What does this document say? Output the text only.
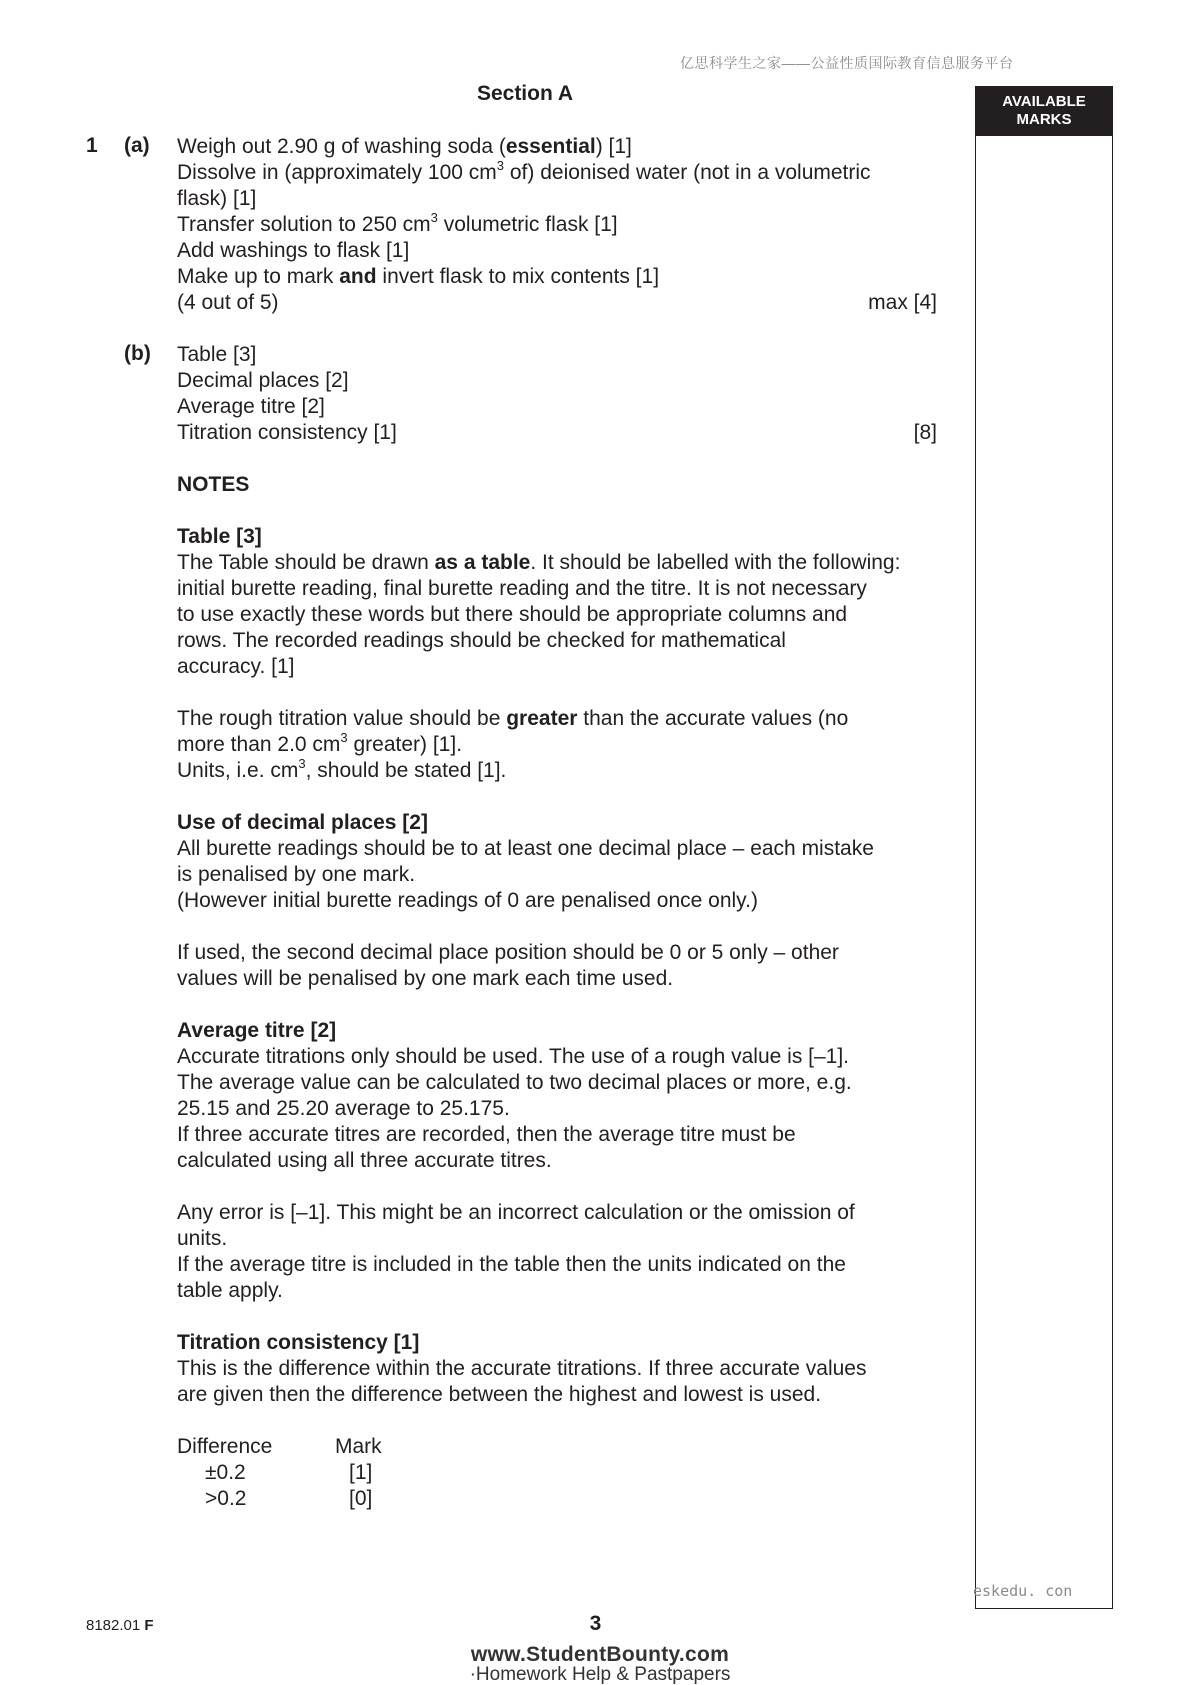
亿思科学生之家——公益性质国际教育信息服务平台
Section A	AVAILABLE
MARKS
1 (a)
(b)

Weigh out 2.90 g of washing soda (essential) [1]

Dissolve in (approximately 100 $cm^3$ of) deionised water (not in a volumetric

flask) [1]

Transfer solution to 250 $cm^3$ volumetric flask [1]

Add washings to flask [1]

Make up to mark and invert flask to mix contents [1]

(4 out of 5)	max [4]

Table [3]

Decimal places [2]

Average titre [2]

Titration consistency [1]	[8]

NOTES

Table [3]

The Table should be drawn as a table. It should be labelled with the following:

initial burette reading, final burette reading and the titre. It is not necessary

to use exactly these words but there should be appropriate columns and

rows. The recorded readings should be checked for mathematical

accuracy. [1]

The rough titration value should be greater than the accurate values (no

more than 2.0 $cm^3$ greater) [1].

Units, i.e. $cm^3$, should be stated [1].

Use of decimal places [2]

All burette readings should be to at least one decimal place – each mistake

is penalised by one mark.

(However initial burette readings of 0 are penalised once only.)

If used, the second decimal place position should be 0 or 5 only – other

values will be penalised by one mark each time used.

Average titre [2]

Accurate titrations only should be used. The use of a rough value is [–1].

The average value can be calculated to two decimal places or more, e.g.

25.15 and 25.20 average to 25.175.

If three accurate titres are recorded, then the average titre must be

calculated using all three accurate titres.

Any error is [–1]. This might be an incorrect calculation or the omission of

units.

If the average titre is included in the table then the units indicated on the

table apply.

Titration consistency [1]

This is the difference within the accurate titrations. If three accurate values

are given then the difference between the highest and lowest is used.

Difference	Mark
±0.2	[1]
>0.2	[0]
eskedu. con
8182.01 F	3
www.StudentBounty.com
·Homework Help & Pastpapers
